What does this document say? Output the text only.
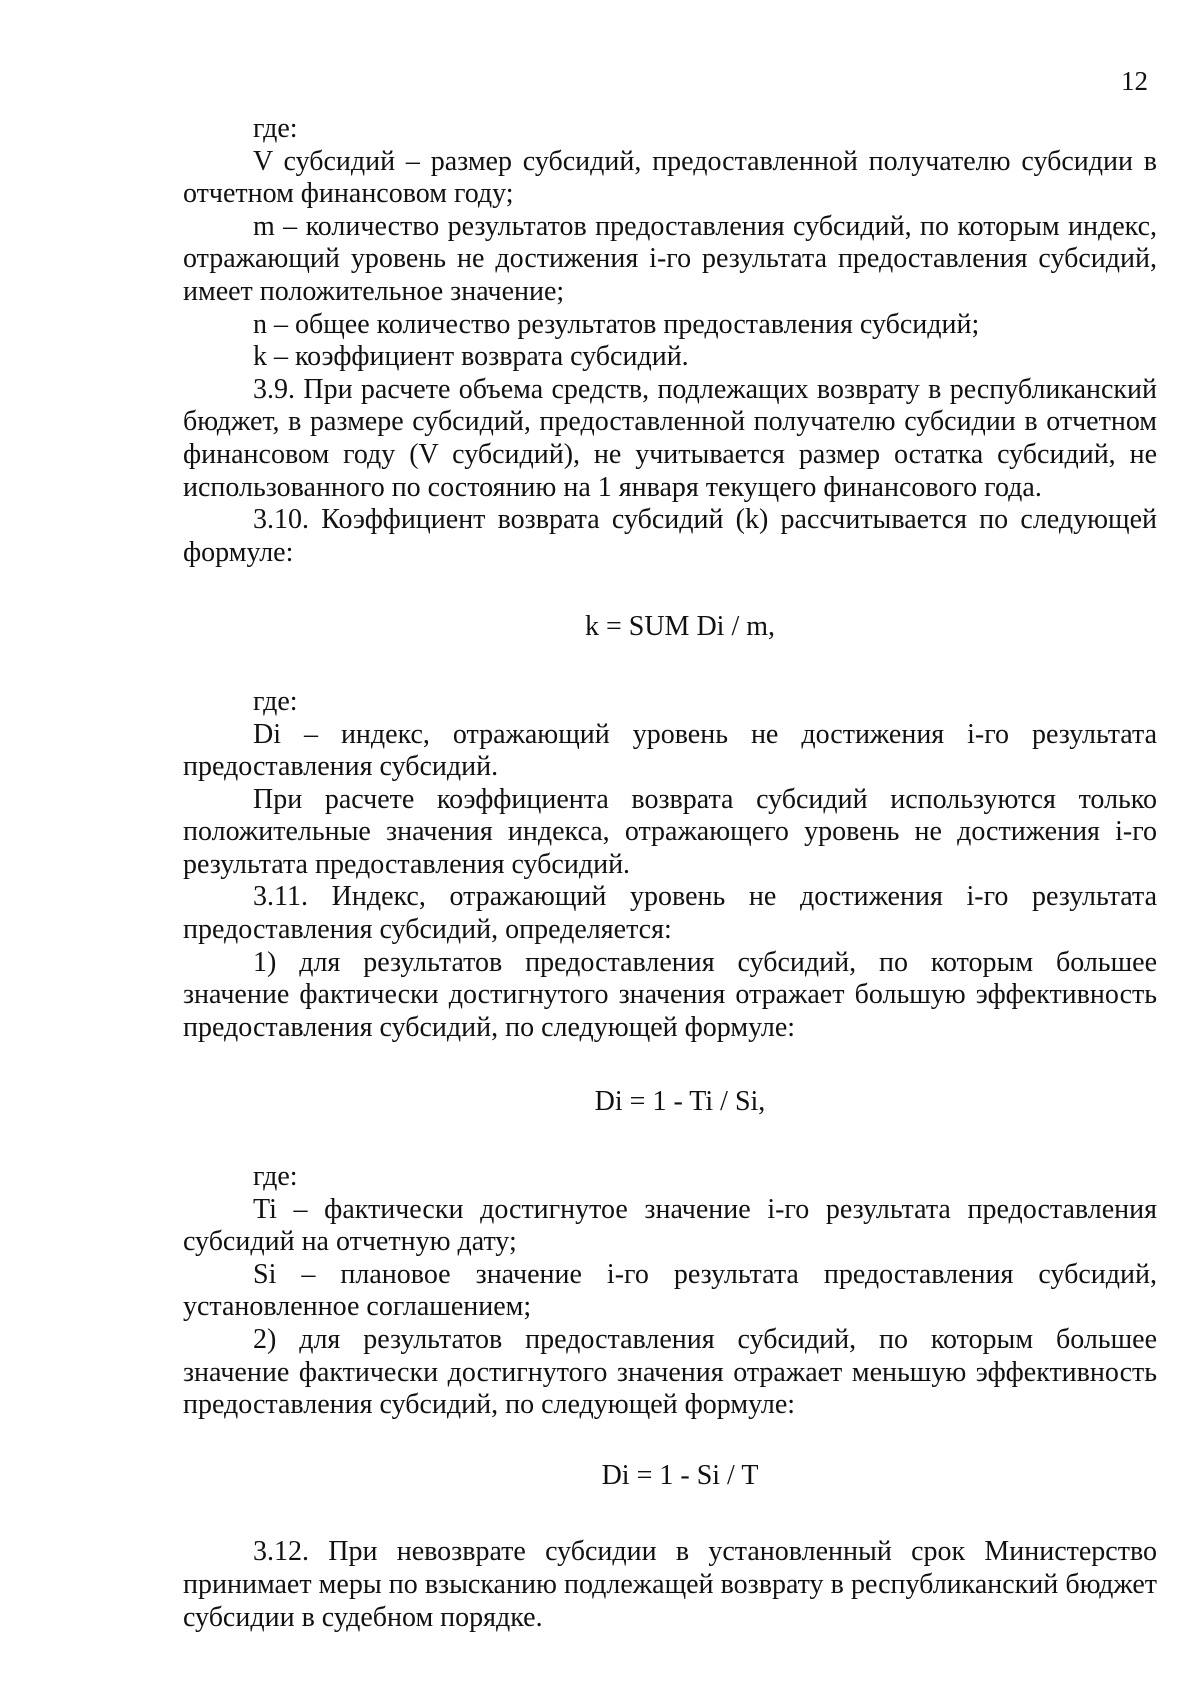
12

где:

V субсидий – размер субсидий, предоставленной получателю субсидии в отчетном финансовом году;

m – количество результатов предоставления субсидий, по которым индекс, отражающий уровень не достижения i-го результата предоставления субсидий, имеет положительное значение;

n – общее количество результатов предоставления субсидий;

k – коэффициент возврата субсидий.

3.9. При расчете объема средств, подлежащих возврату в республиканский бюджет, в размере субсидий, предоставленной получателю субсидии в отчетном финансовом году (V субсидий), не учитывается размер остатка субсидий, не использованного по состоянию на 1 января текущего финансового года.

3.10. Коэффициент возврата субсидий (k) рассчитывается по следующей формуле:

k = SUM Di / m,

где:

Di – индекс, отражающий уровень не достижения i-го результата предоставления субсидий.

При расчете коэффициента возврата субсидий используются только положительные значения индекса, отражающего уровень не достижения i-го результата предоставления субсидий.

3.11. Индекс, отражающий уровень не достижения i-го результата предоставления субсидий, определяется:

1) для результатов предоставления субсидий, по которым большее значение фактически достигнутого значения отражает большую эффективность предоставления субсидий, по следующей формуле:

Di = 1 - Ti / Si,

где:

Ti – фактически достигнутое значение i-го результата предоставления субсидий на отчетную дату;

Si – плановое значение i-го результата предоставления субсидий, установленное соглашением;

2) для результатов предоставления субсидий, по которым большее значение фактически достигнутого значения отражает меньшую эффективность предоставления субсидий, по следующей формуле:

Di = 1 - Si / T

3.12. При невозврате субсидии в установленный срок Министерство принимает меры по взысканию подлежащей возврату в республиканский бюджет субсидии в судебном порядке.
